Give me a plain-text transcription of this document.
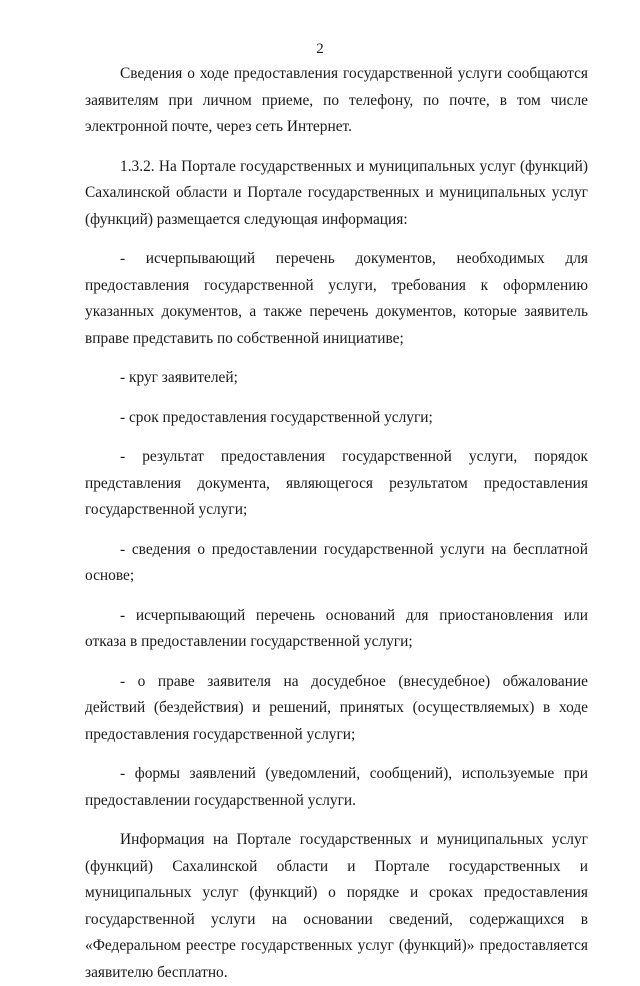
2

Сведения о ходе предоставления государственной услуги сообщаются заявителям при личном приеме, по телефону, по почте, в том числе электронной почте, через сеть Интернет.

1.3.2. На Портале государственных и муниципальных услуг (функций) Сахалинской области и Портале государственных и муниципальных услуг (функций) размещается следующая информация:

- исчерпывающий перечень документов, необходимых для предоставления государственной услуги, требования к оформлению указанных документов, а также перечень документов, которые заявитель вправе представить по собственной инициативе;

- круг заявителей;

- срок предоставления государственной услуги;

- результат предоставления государственной услуги, порядок представления документа, являющегося результатом предоставления государственной услуги;

- сведения о предоставлении государственной услуги на бесплатной основе;

- исчерпывающий перечень оснований для приостановления или отказа в предоставлении государственной услуги;

- о праве заявителя на досудебное (внесудебное) обжалование действий (бездействия) и решений, принятых (осуществляемых) в ходе предоставления государственной услуги;

- формы заявлений (уведомлений, сообщений), используемые при предоставлении государственной услуги.

Информация на Портале государственных и муниципальных услуг (функций) Сахалинской области и Портале государственных и муниципальных услуг (функций) о порядке и сроках предоставления государственной услуги на основании сведений, содержащихся в «Федеральном реестре государственных услуг (функций)» предоставляется заявителю бесплатно.
